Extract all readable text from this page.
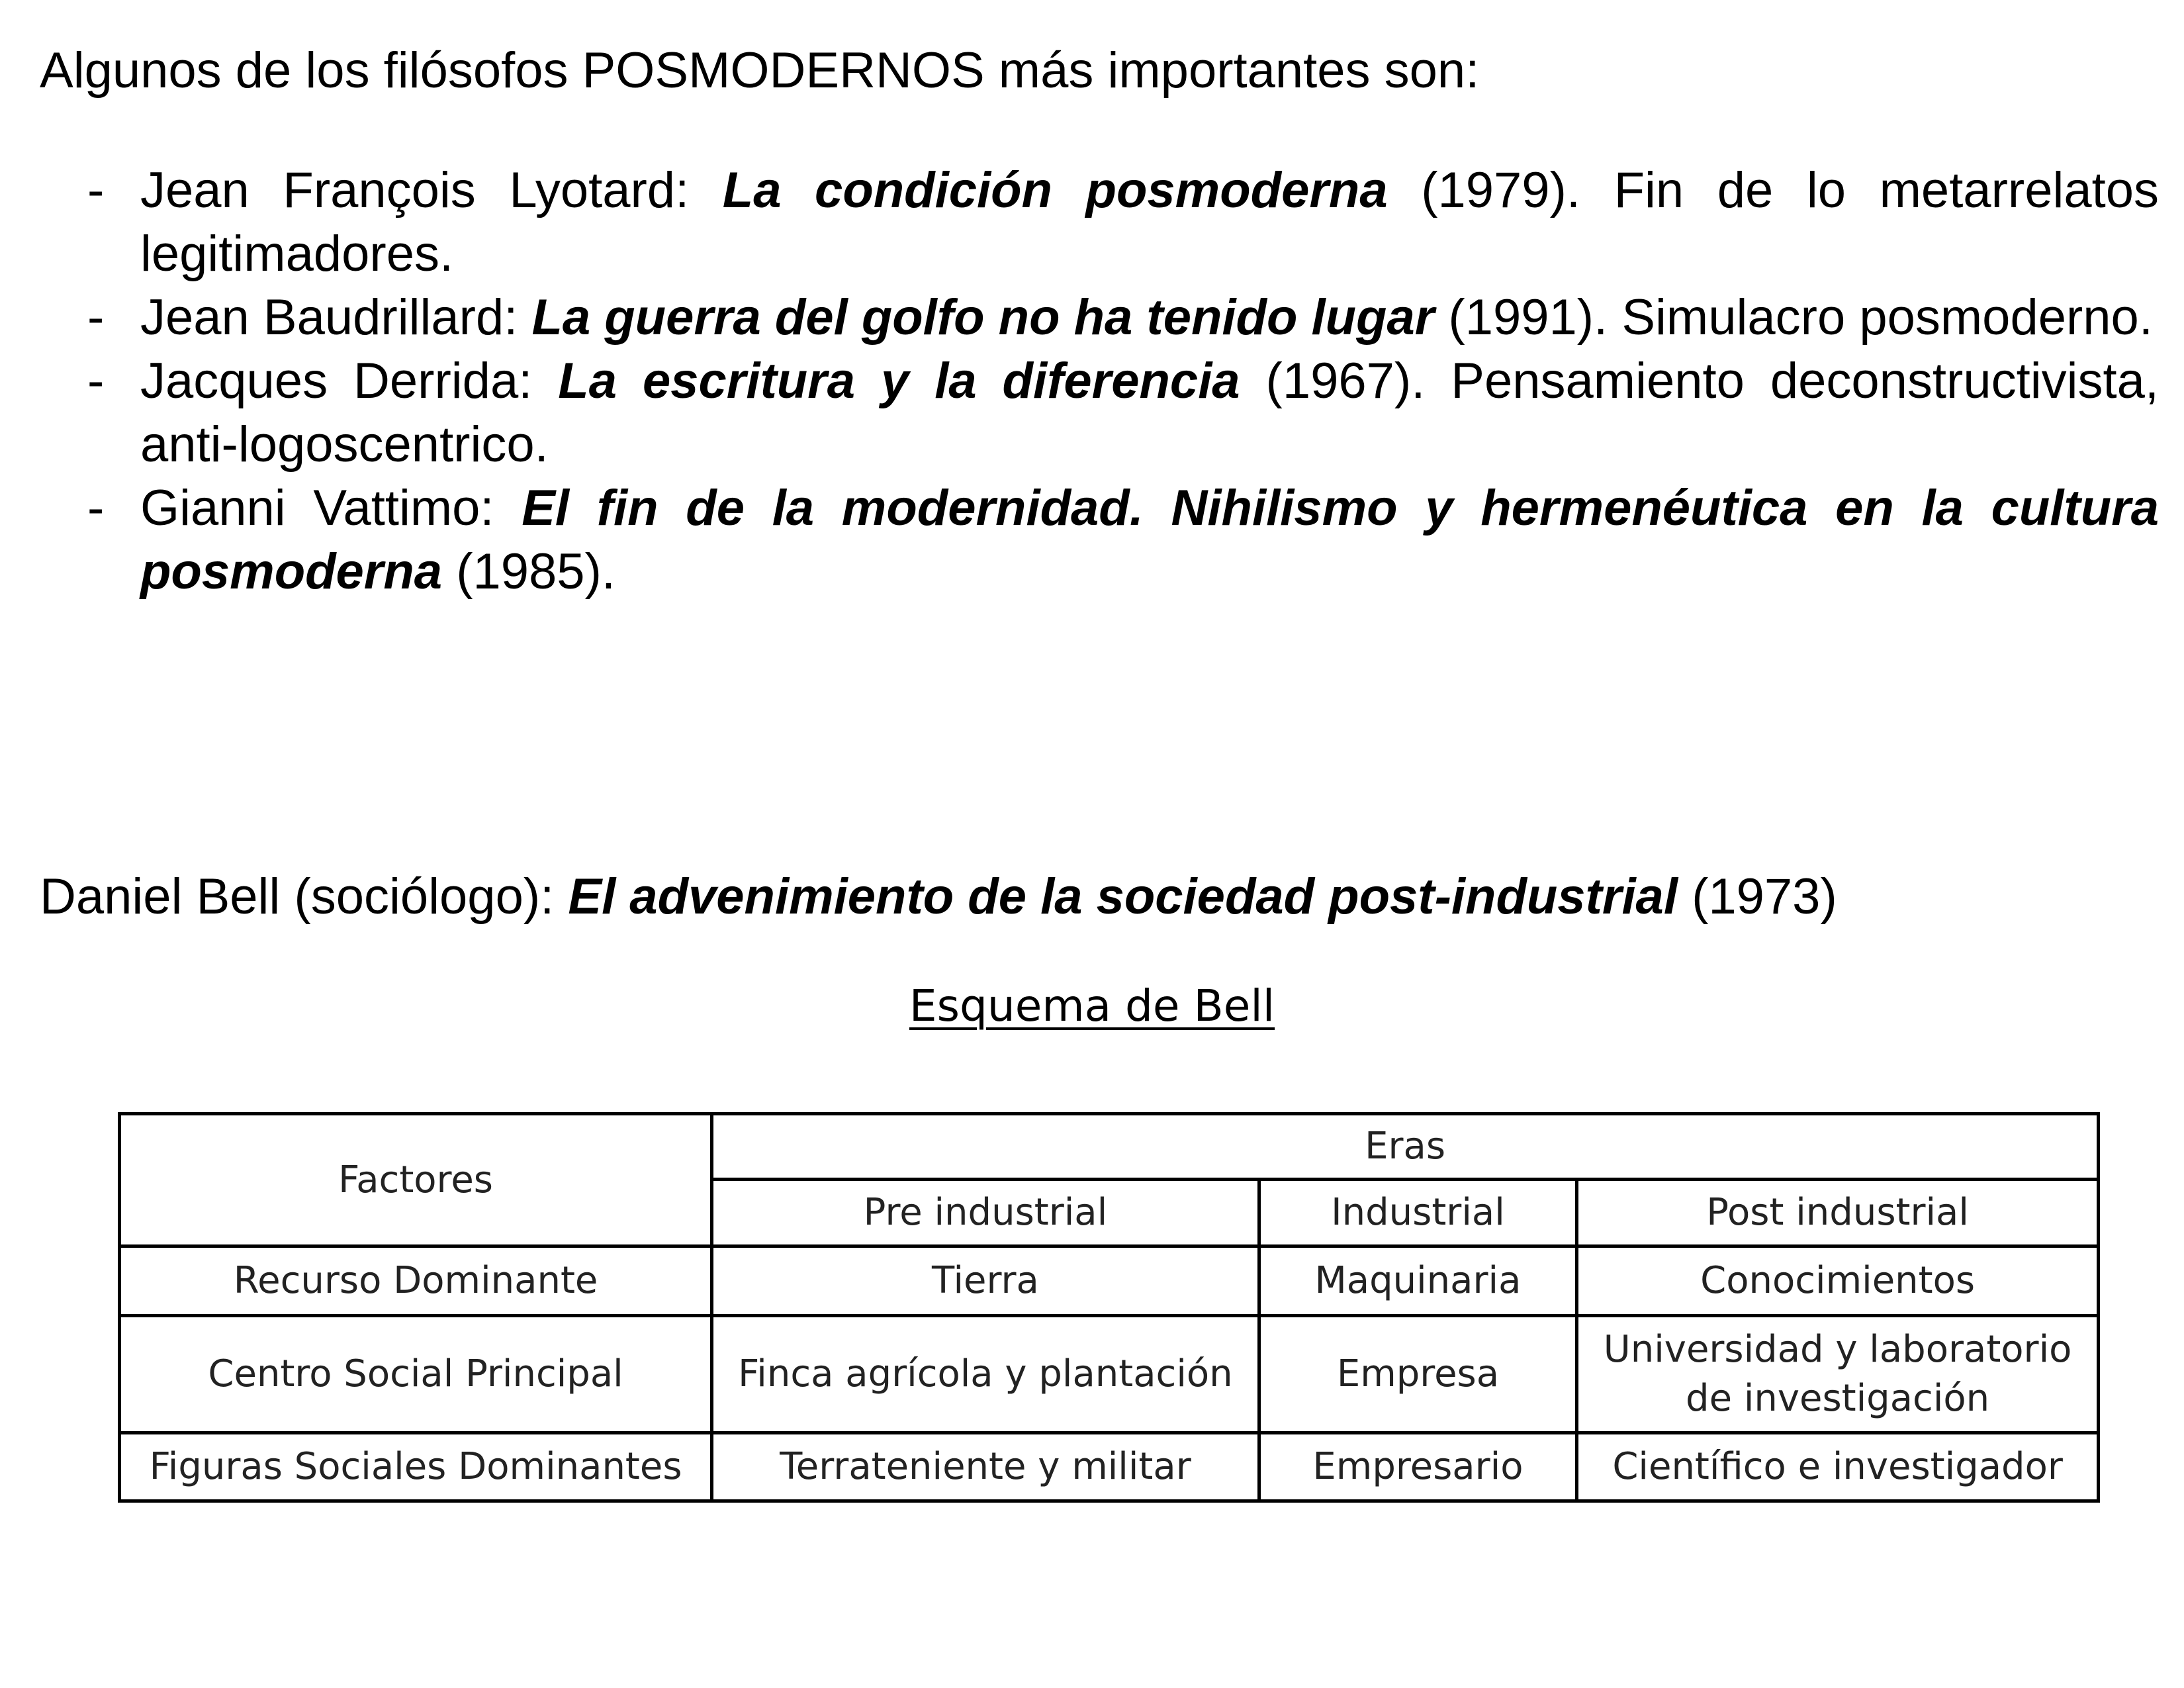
Algunos de los filósofos POSMODERNOS más importantes son:
- Jean François Lyotard: La condición posmoderna (1979). Fin de lo metarrelatos legitimadores.
- Jean Baudrillard: La guerra del golfo no ha tenido lugar (1991). Simulacro posmoderno.
- Jacques Derrida: La escritura y la diferencia (1967). Pensamiento deconstructivista, anti-logoscentrico.
- Gianni Vattimo: El fin de la modernidad. Nihilismo y hermenéutica en la cultura posmoderna (1985).
Daniel Bell (sociólogo): El advenimiento de la sociedad post-industrial (1973)
Esquema de Bell
Factores	Eras		
	Pre industrial	Industrial	Post industrial
Recurso Dominante	Tierra	Maquinaria	Conocimientos
Centro Social Principal	Finca agrícola y plantación	Empresa	Universidad y laboratorio de investigación
Figuras Sociales Dominantes	Terrateniente y militar	Empresario	Científico e investigador
